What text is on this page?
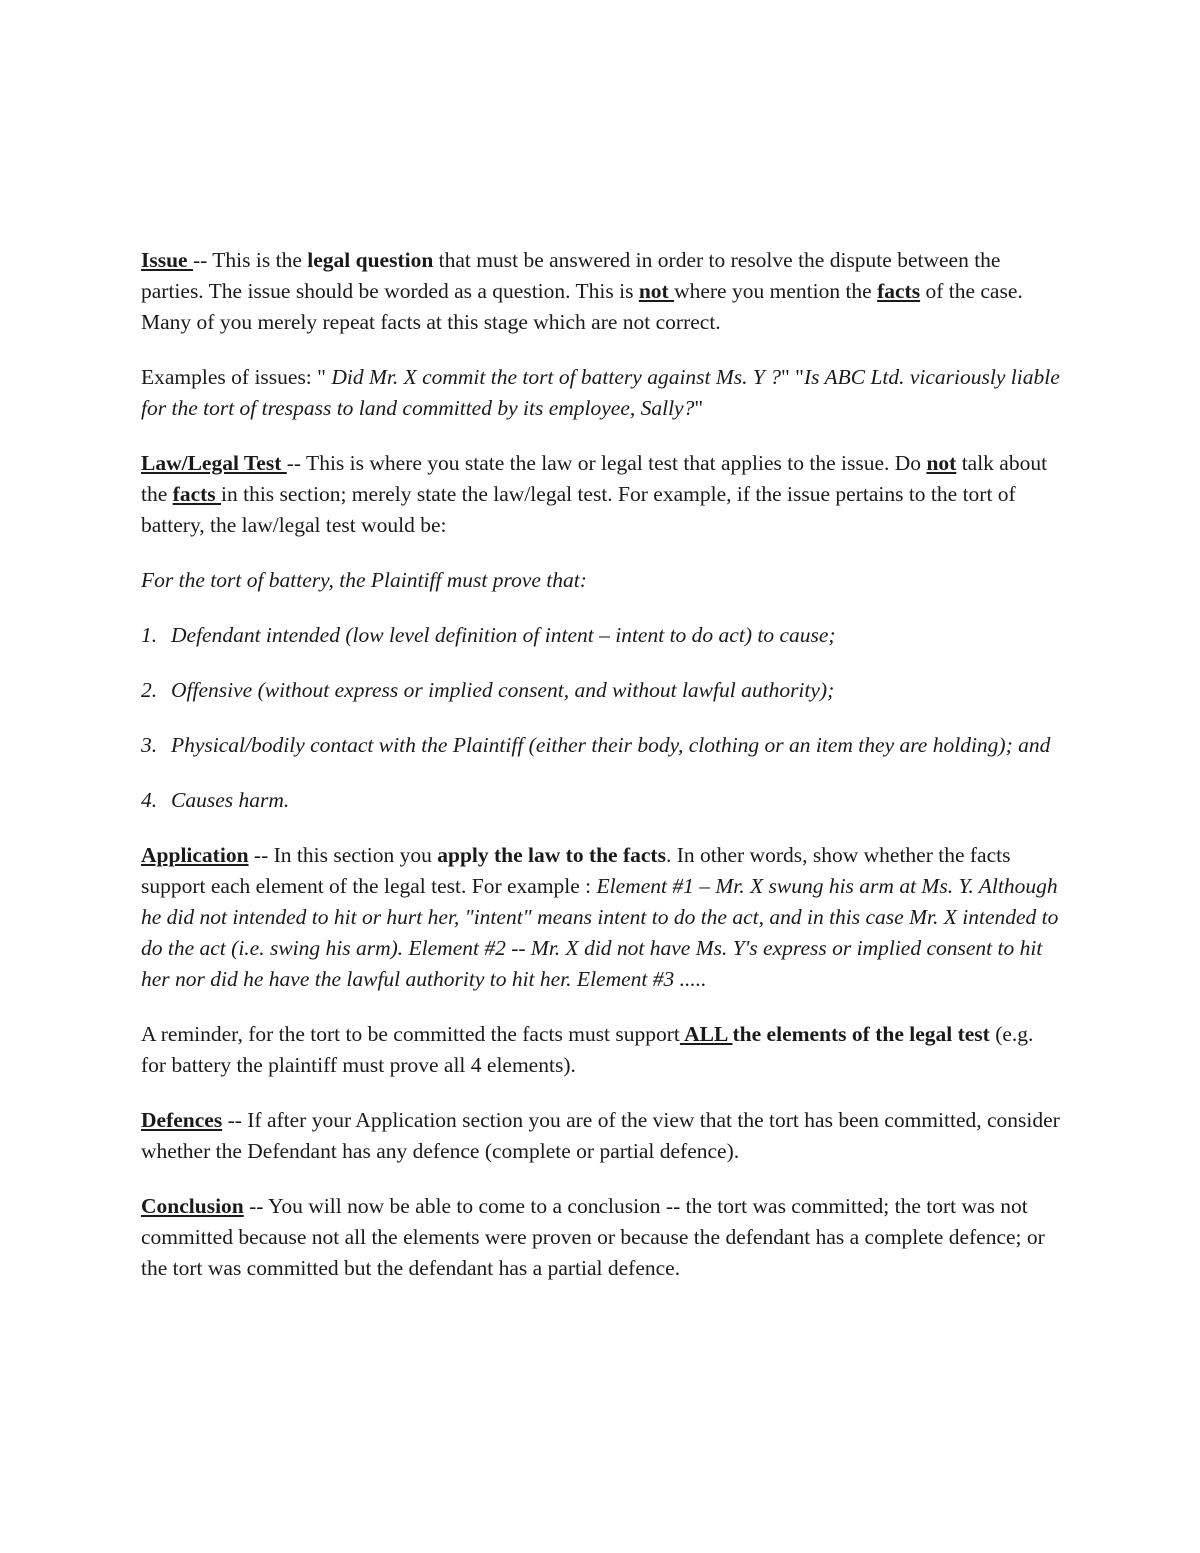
Issue -- This is the legal question that must be answered in order to resolve the dispute between the parties. The issue should be worded as a question. This is not where you mention the facts of the case. Many of you merely repeat facts at this stage which are not correct.

Examples of issues: " Did Mr. X commit the tort of battery against Ms. Y ?" "Is ABC Ltd. vicariously liable for the tort of trespass to land committed by its employee, Sally?"

Law/Legal Test -- This is where you state the law or legal test that applies to the issue. Do not talk about the facts in this section; merely state the law/legal test. For example, if the issue pertains to the tort of battery, the law/legal test would be:

For the tort of battery, the Plaintiff must prove that:

1. Defendant intended (low level definition of intent – intent to do act) to cause;

2. Offensive (without express or implied consent, and without lawful authority);

3. Physical/bodily contact with the Plaintiff (either their body, clothing or an item they are holding); and

4. Causes harm.

Application -- In this section you apply the law to the facts. In other words, show whether the facts support each element of the legal test. For example : Element #1 – Mr. X swung his arm at Ms. Y. Although he did not intended to hit or hurt her, "intent" means intent to do the act, and in this case Mr. X intended to do the act (i.e. swing his arm). Element #2 -- Mr. X did not have Ms. Y's express or implied consent to hit her nor did he have the lawful authority to hit her. Element #3 .....

A reminder, for the tort to be committed the facts must support ALL the elements of the legal test (e.g. for battery the plaintiff must prove all 4 elements).

Defences -- If after your Application section you are of the view that the tort has been committed, consider whether the Defendant has any defence (complete or partial defence).

Conclusion -- You will now be able to come to a conclusion -- the tort was committed; the tort was not committed because not all the elements were proven or because the defendant has a complete defence; or the tort was committed but the defendant has a partial defence.
